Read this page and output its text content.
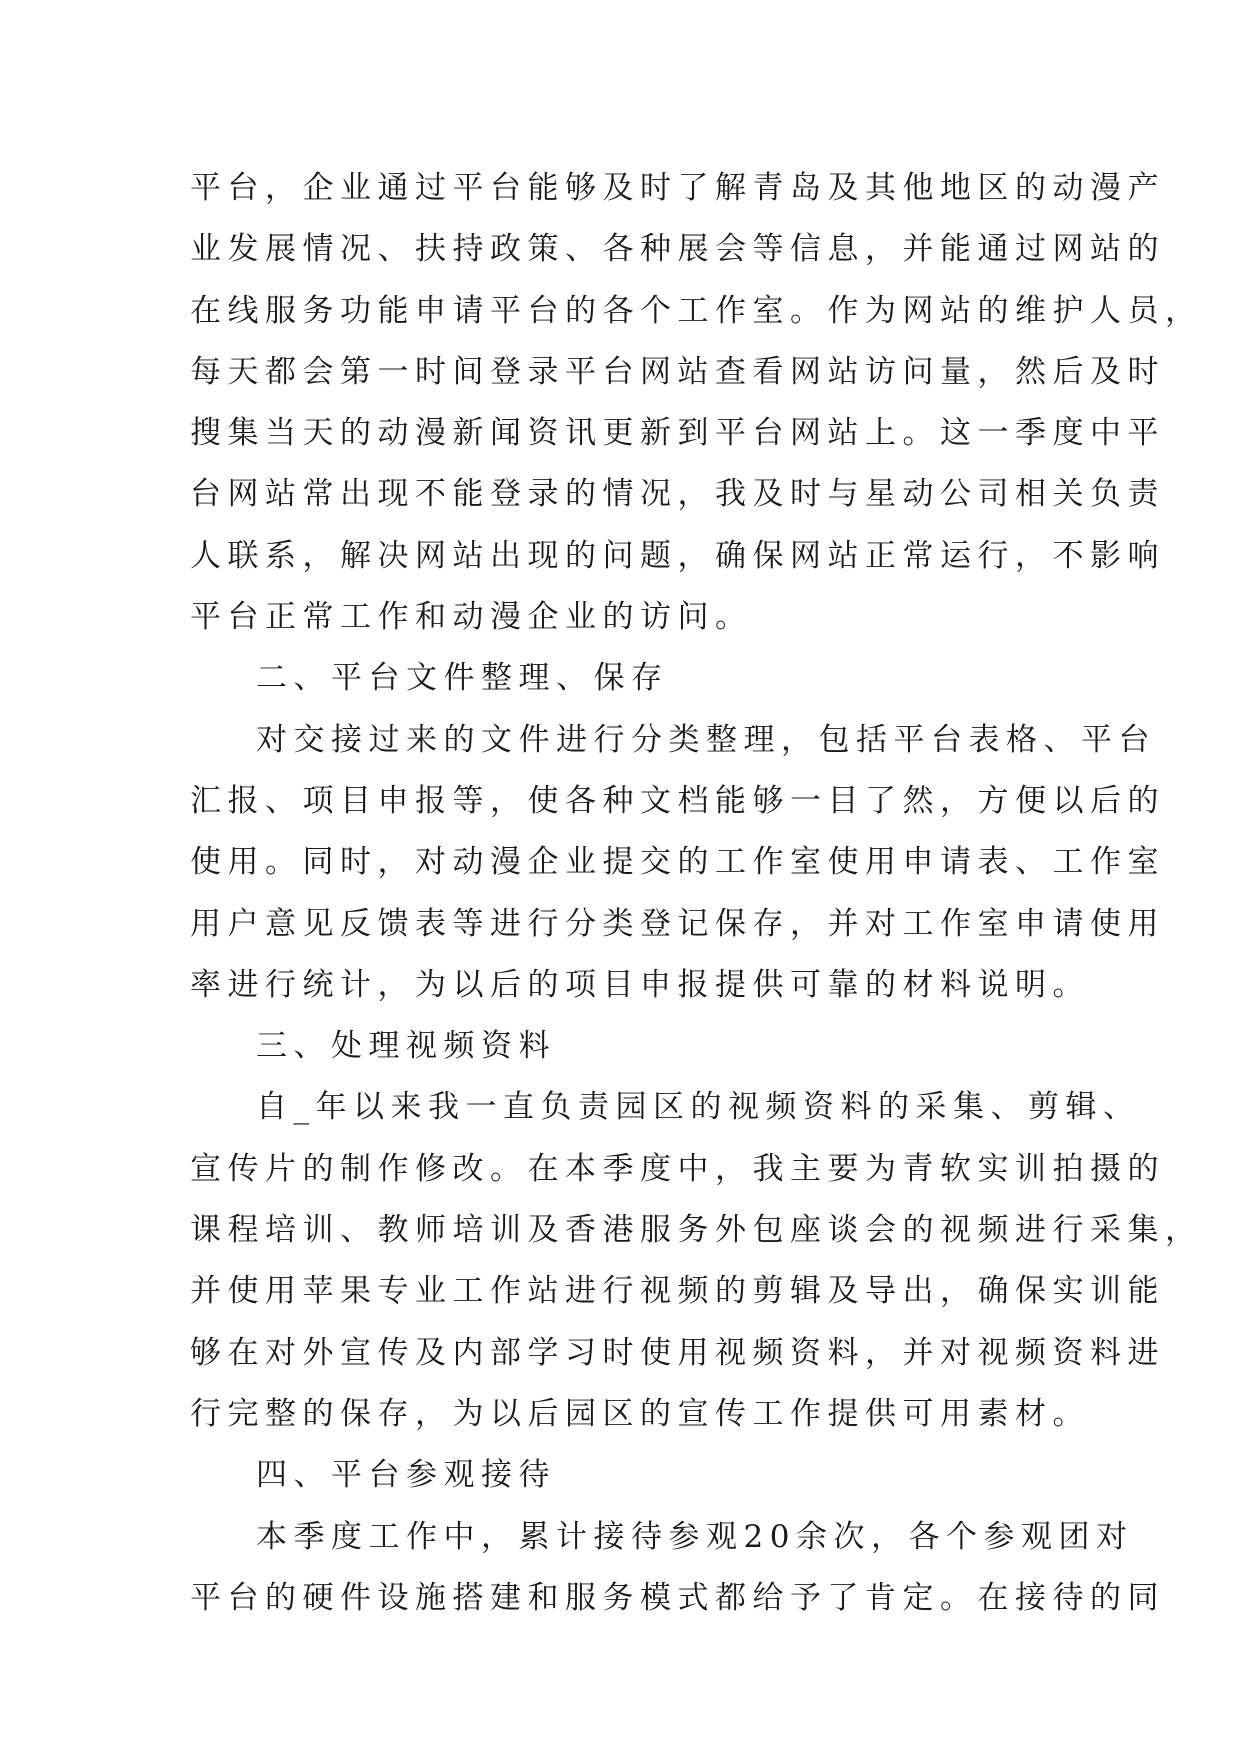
平台，企业通过平台能够及时了解青岛及其他地区的动漫产
业发展情况、扶持政策、各种展会等信息，并能通过网站的
在线服务功能申请平台的各个工作室。作为网站的维护人员，
每天都会第一时间登录平台网站查看网站访问量，然后及时
搜集当天的动漫新闻资讯更新到平台网站上。这一季度中平
台网站常出现不能登录的情况，我及时与星动公司相关负责
人联系，解决网站出现的问题，确保网站正常运行，不影响
平台正常工作和动漫企业的访问。
二、平台文件整理、保存
对交接过来的文件进行分类整理，包括平台表格、平台
汇报、项目申报等，使各种文档能够一目了然，方便以后的
使用。同时，对动漫企业提交的工作室使用申请表、工作室
用户意见反馈表等进行分类登记保存，并对工作室申请使用
率进行统计，为以后的项目申报提供可靠的材料说明。
三、处理视频资料
自_年以来我一直负责园区的视频资料的采集、剪辑、
宣传片的制作修改。在本季度中，我主要为青软实训拍摄的
课程培训、教师培训及香港服务外包座谈会的视频进行采集，
并使用苹果专业工作站进行视频的剪辑及导出，确保实训能
够在对外宣传及内部学习时使用视频资料，并对视频资料进
行完整的保存，为以后园区的宣传工作提供可用素材。
四、平台参观接待
本季度工作中，累计接待参观20余次，各个参观团对
平台的硬件设施搭建和服务模式都给予了肯定。在接待的同
